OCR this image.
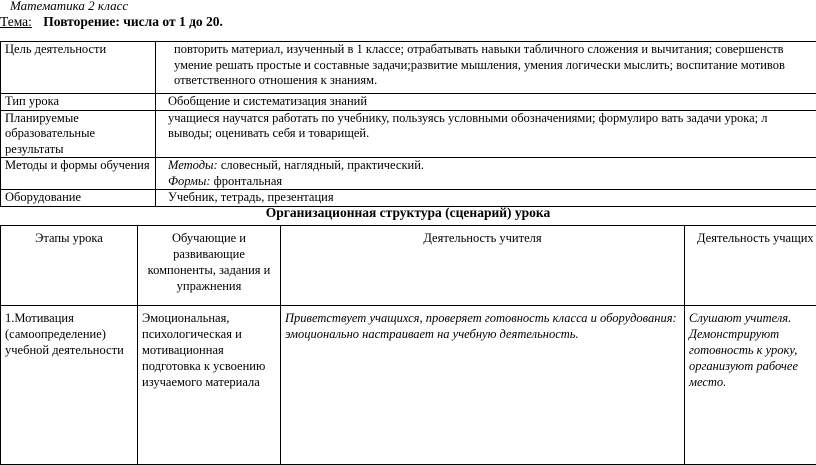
Математика 2 класс
Тема: Повторение: числа от 1 до 20.
Цель деятельности	повторить материал, изученный в 1 классе; отрабатывать навыки табличного сложения и вычитания; совершенств
умение решать простые и составные задачи;развитие мышления, умения логически мыслить; воспитание мотивов
ответственного отношения к знаниям.

Тип урока	Обобщение и систематизация знаний
Планируемые образовательные результаты	учащиеся научатся работать по учебнику, пользуясь условными обозначениями; формулиро вать задачи урока; л
выводы; оценивать себя и товарищей.

Методы и формы обучения	Методы: словесный, наглядный, практический.
Формы: фронтальная

Оборудование	Учебник, тетрадь, презентация
Организационная структура (сценарий) урока
Этапы урока	Обучающие и развивающие компоненты, задания и упражнения	Деятельность учителя	Деятельность учащих
1.Мотивация (самоопределение) учебной деятельности	Эмоциональная, психологическая и мотивационная подготовка к усвоению изучаемого материала	Приветствует учащихся, проверяет готовность класса и оборудования: эмоционально настраивает на учебную деятельность.	Слушают учителя. Демонстрируют готовность к уроку, организуют рабочее место.
